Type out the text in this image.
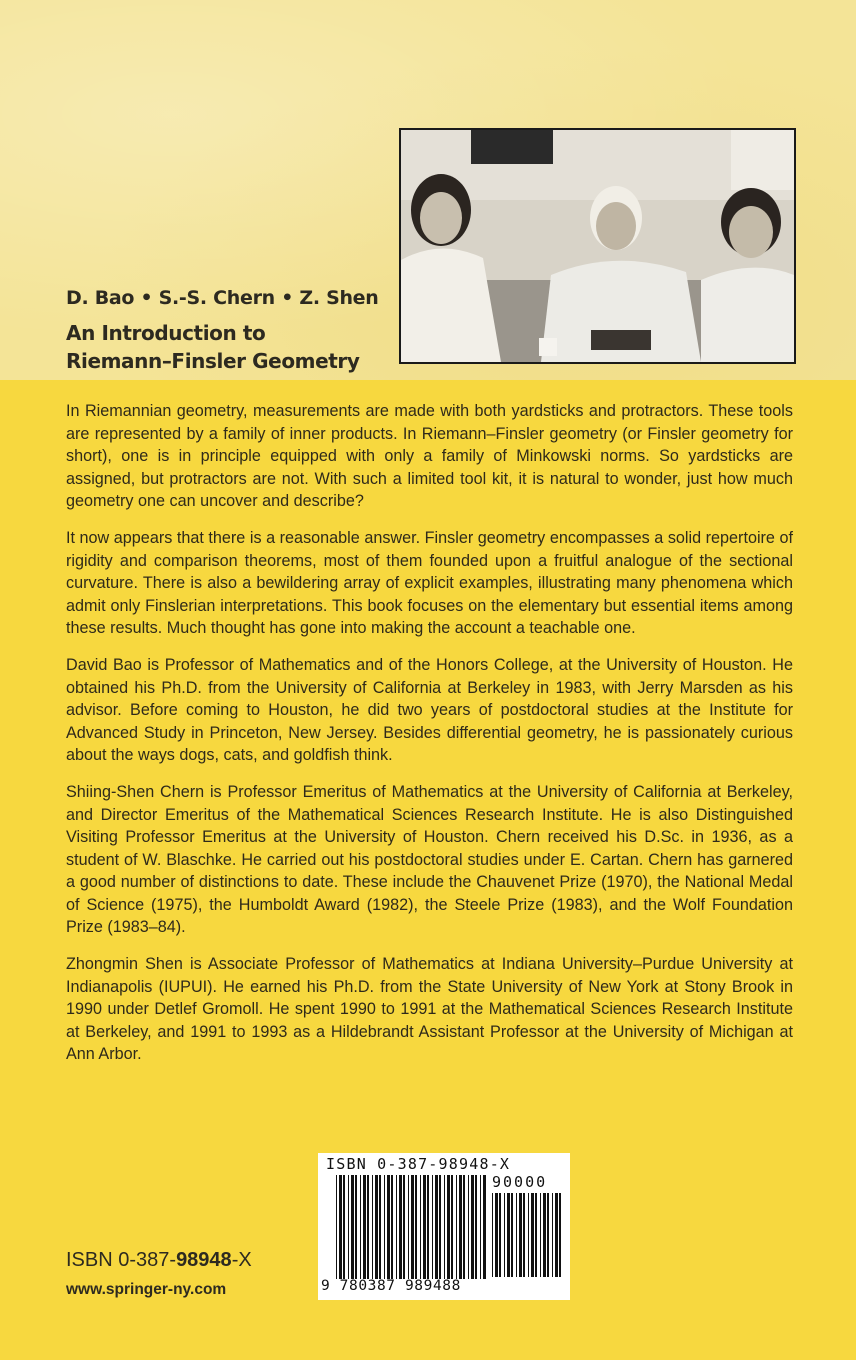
D. Bao • S.-S. Chern • Z. Shen
An Introduction to
Riemann–Finsler Geometry

In Riemannian geometry, measurements are made with both yardsticks and protractors. These tools are represented by a family of inner products. In Riemann–Finsler geometry (or Finsler geometry for short), one is in principle equipped with only a family of Minkowski norms. So yardsticks are assigned, but protractors are not. With such a limited tool kit, it is natural to wonder, just how much geometry one can uncover and describe?

It now appears that there is a reasonable answer. Finsler geometry encompasses a solid repertoire of rigidity and comparison theorems, most of them founded upon a fruitful analogue of the sectional curvature. There is also a bewildering array of explicit examples, illustrating many phenomena which admit only Finslerian interpretations. This book focuses on the elementary but essential items among these results. Much thought has gone into making the account a teachable one.

David Bao is Professor of Mathematics and of the Honors College, at the University of Houston. He obtained his Ph.D. from the University of California at Berkeley in 1983, with Jerry Marsden as his advisor. Before coming to Houston, he did two years of postdoctoral studies at the Institute for Advanced Study in Princeton, New Jersey. Besides differential geometry, he is passionately curious about the ways dogs, cats, and goldfish think.

Shiing-Shen Chern is Professor Emeritus of Mathematics at the University of California at Berkeley, and Director Emeritus of the Mathematical Sciences Research Institute. He is also Distinguished Visiting Professor Emeritus at the University of Houston. Chern received his D.Sc. in 1936, as a student of W. Blaschke. He carried out his postdoctoral studies under E. Cartan. Chern has garnered a good number of distinctions to date. These include the Chauvenet Prize (1970), the National Medal of Science (1975), the Humboldt Award (1982), the Steele Prize (1983), and the Wolf Foundation Prize (1983–84).

Zhongmin Shen is Associate Professor of Mathematics at Indiana University–Purdue University at Indianapolis (IUPUI). He earned his Ph.D. from the State University of New York at Stony Brook in 1990 under Detlef Gromoll. He spent 1990 to 1991 at the Mathematical Sciences Research Institute at Berkeley, and 1991 to 1993 as a Hildebrandt Assistant Professor at the University of Michigan at Ann Arbor.

ISBN 0-387-98948-X
90000
9 780387 989488
ISBN 0-387-98948-X
www.springer-ny.com
